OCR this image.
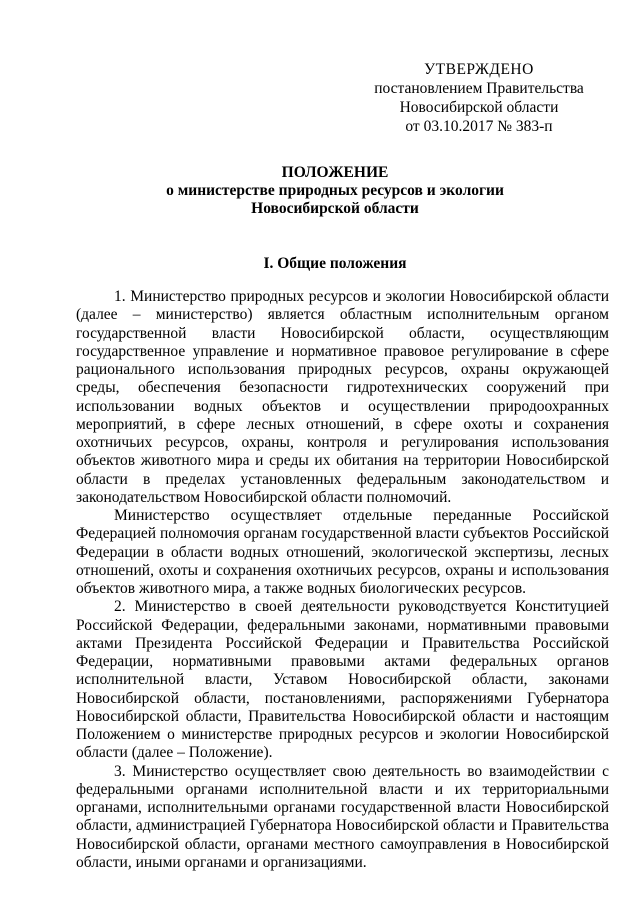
УТВЕРЖДЕНО
постановлением Правительства
Новосибирской области
от 03.10.2017 № 383-п
ПОЛОЖЕНИЕ
о министерстве природных ресурсов и экологии
Новосибирской области
I. Общие положения

1. Министерство природных ресурсов и экологии Новосибирской области (далее – министерство) является областным исполнительным органом государственной власти Новосибирской области, осуществляющим государственное управление и нормативное правовое регулирование в сфере рационального использования природных ресурсов, охраны окружающей среды, обеспечения безопасности гидротехнических сооружений при использовании водных объектов и осуществлении природоохранных мероприятий, в сфере лесных отношений, в сфере охоты и сохранения охотничьих ресурсов, охраны, контроля и регулирования использования объектов животного мира и среды их обитания на территории Новосибирской области в пределах установленных федеральным законодательством и законодательством Новосибирской области полномочий.

Министерство осуществляет отдельные переданные Российской Федерацией полномочия органам государственной власти субъектов Российской Федерации в области водных отношений, экологической экспертизы, лесных отношений, охоты и сохранения охотничьих ресурсов, охраны и использования объектов животного мира, а также водных биологических ресурсов.

2. Министерство в своей деятельности руководствуется Конституцией Российской Федерации, федеральными законами, нормативными правовыми актами Президента Российской Федерации и Правительства Российской Федерации, нормативными правовыми актами федеральных органов исполнительной власти, Уставом Новосибирской области, законами Новосибирской области, постановлениями, распоряжениями Губернатора Новосибирской области, Правительства Новосибирской области и настоящим Положением о министерстве природных ресурсов и экологии Новосибирской области (далее – Положение).

3. Министерство осуществляет свою деятельность во взаимодействии с федеральными органами исполнительной власти и их территориальными органами, исполнительными органами государственной власти Новосибирской области, администрацией Губернатора Новосибирской области и Правительства Новосибирской области, органами местного самоуправления в Новосибирской области, иными органами и организациями.
